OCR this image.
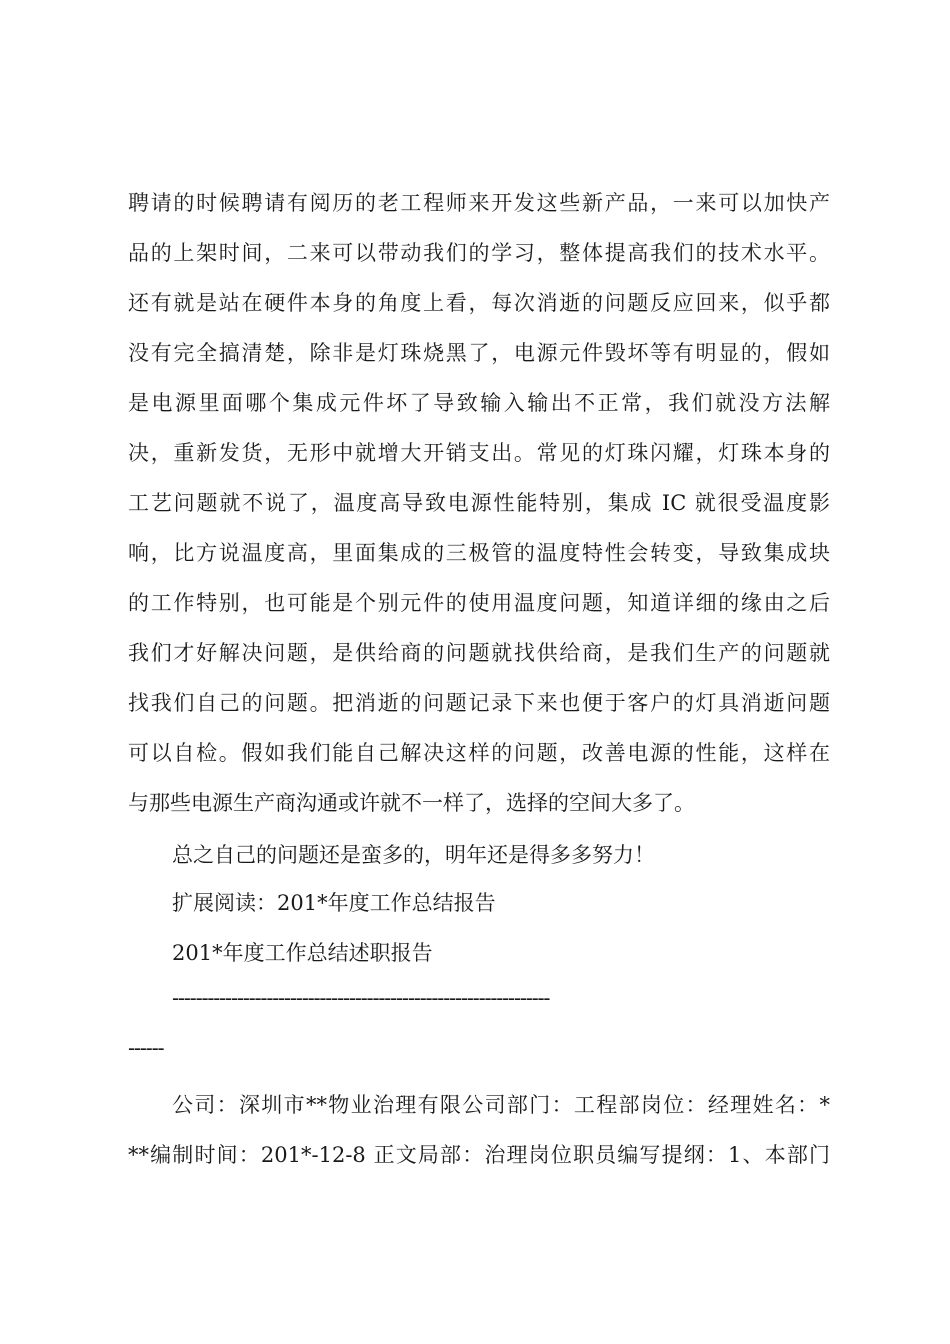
聘请的时候聘请有阅历的老工程师来开发这些新产品，一来可以加快产
品的上架时间，二来可以带动我们的学习，整体提高我们的技术水平。
还有就是站在硬件本身的角度上看，每次消逝的问题反应回来，似乎都
没有完全搞清楚，除非是灯珠烧黑了，电源元件毁坏等有明显的，假如
是电源里面哪个集成元件坏了导致输入输出不正常，我们就没方法解
决，重新发货，无形中就增大开销支出。常见的灯珠闪耀，灯珠本身的
工艺问题就不说了，温度高导致电源性能特别，集成 IC 就很受温度影
响，比方说温度高，里面集成的三极管的温度特性会转变，导致集成块
的工作特别，也可能是个别元件的使用温度问题，知道详细的缘由之后
我们才好解决问题，是供给商的问题就找供给商，是我们生产的问题就
找我们自己的问题。把消逝的问题记录下来也便于客户的灯具消逝问题
可以自检。假如我们能自己解决这样的问题，改善电源的性能，这样在
与那些电源生产商沟通或许就不一样了，选择的空间大多了。
总之自己的问题还是蛮多的，明年还是得多多努力！
扩展阅读：201*年度工作总结报告
201*年度工作总结述职报告
----------------------------------------------------------------
------
公司：深圳市**物业治理有限公司部门：工程部岗位：经理姓名：*
**编制时间：201*-12-8 正文局部：治理岗位职员编写提纲：1、本部门
